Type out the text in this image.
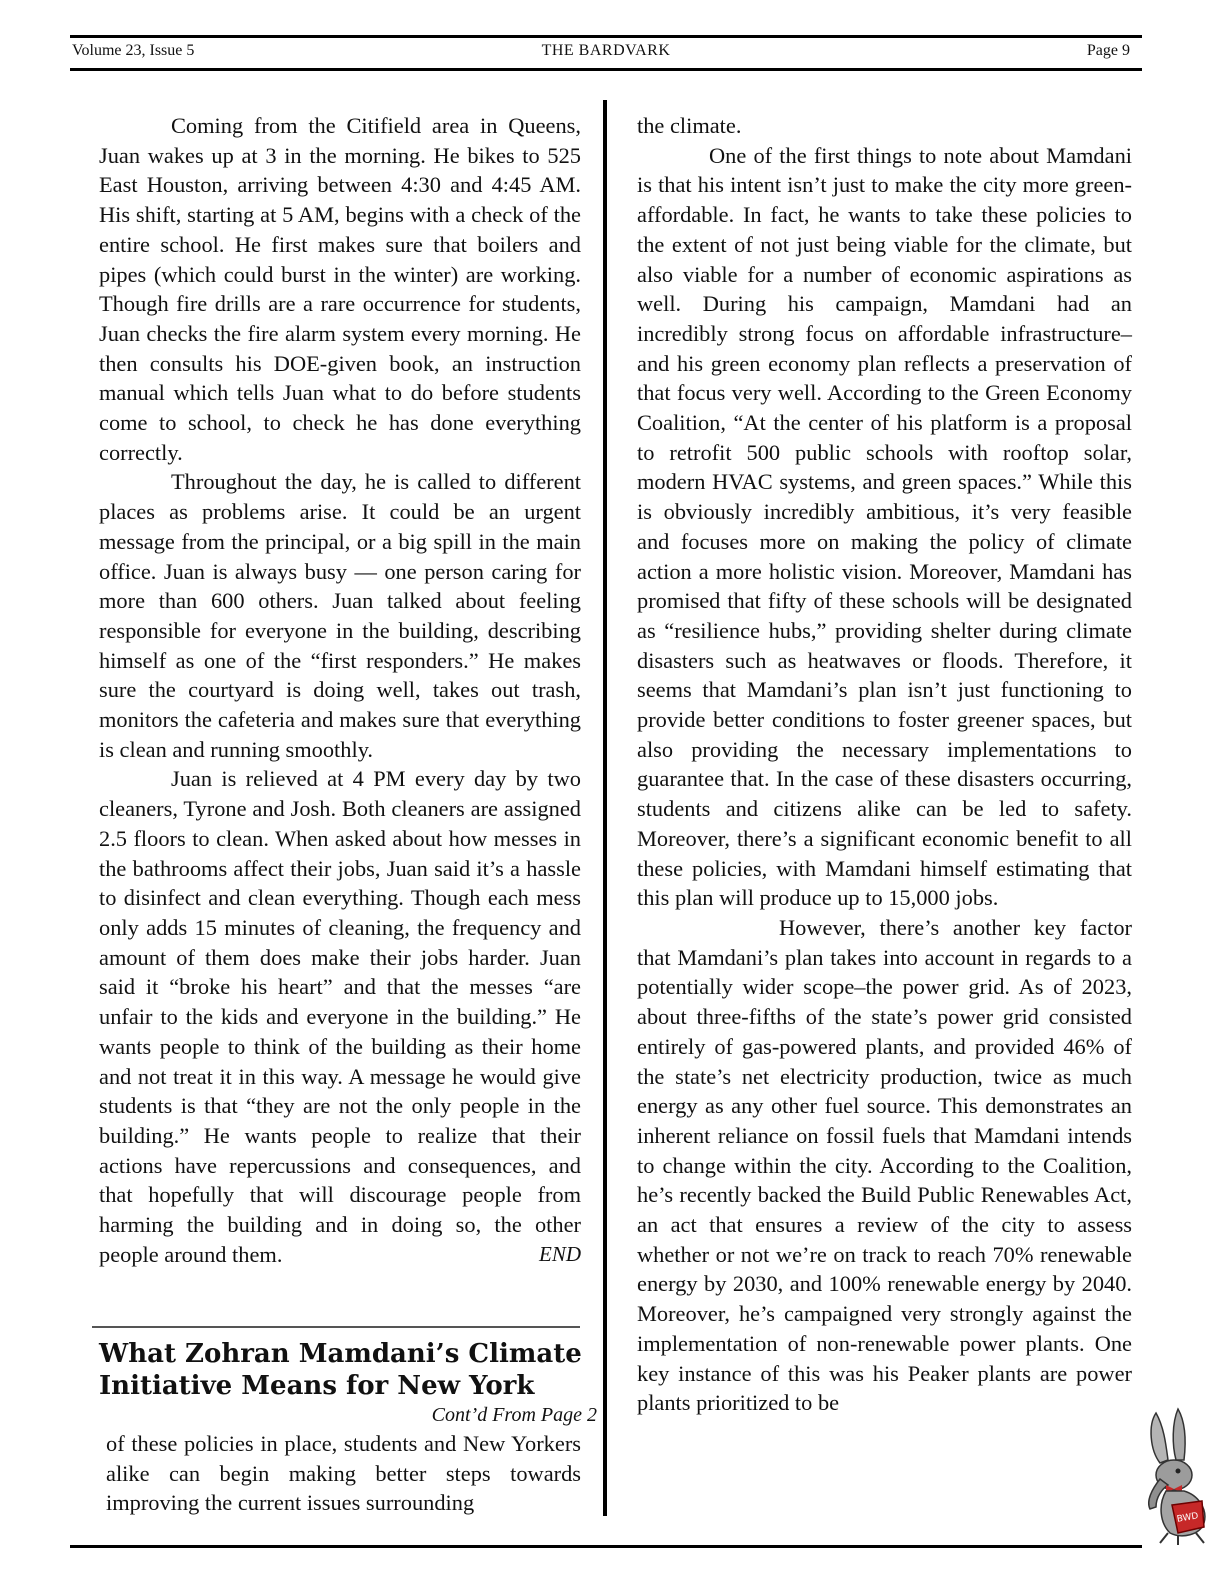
Volume 23, Issue 5	THE BARDVARK	Page 9

Coming from the Citifield area in Queens, Juan wakes up at 3 in the morning. He bikes to 525 East Houston, arriving between 4:30 and 4:45 AM. His shift, starting at 5 AM, begins with a check of the entire school. He first makes sure that boilers and pipes (which could burst in the winter) are working. Though fire drills are a rare occurrence for students, Juan checks the fire alarm system every morning. He then consults his DOE-given book, an instruction manual which tells Juan what to do before students come to school, to check he has done everything correctly.

Throughout the day, he is called to different places as problems arise. It could be an urgent message from the principal, or a big spill in the main office. Juan is always busy — one person caring for more than 600 others. Juan talked about feeling responsible for everyone in the building, describing himself as one of the “first responders.” He makes sure the courtyard is doing well, takes out trash, monitors the cafeteria and makes sure that everything is clean and running smoothly.

Juan is relieved at 4 PM every day by two cleaners, Tyrone and Josh. Both cleaners are assigned 2.5 floors to clean. When asked about how messes in the bathrooms affect their jobs, Juan said it’s a hassle to disinfect and clean everything. Though each mess only adds 15 minutes of cleaning, the frequency and amount of them does make their jobs harder. Juan said it “broke his heart” and that the messes “are unfair to the kids and everyone in the building.” He wants people to think of the building as their home and not treat it in this way. A message he would give students is that “they are not the only people in the building.” He wants people to realize that their actions have repercussions and consequences, and that hopefully that will discourage people from harming the building and in doing so, the other people around them.	END

What Zohran Mamdani’s Climate Initiative Means for New York
Cont’d From Page 2

of these policies in place, students and New Yorkers alike can begin making better steps towards improving the current issues surrounding

the climate.

One of the first things to note about Mamdani is that his intent isn’t just to make the city more green-affordable. In fact, he wants to take these policies to the extent of not just being viable for the climate, but also viable for a number of economic aspirations as well. During his campaign, Mamdani had an incredibly strong focus on affordable infrastructure–and his green economy plan reflects a preservation of that focus very well. According to the Green Economy Coalition, “At the center of his platform is a proposal to retrofit 500 public schools with rooftop solar, modern HVAC systems, and green spaces.” While this is obviously incredibly ambitious, it’s very feasible and focuses more on making the policy of climate action a more holistic vision. Moreover, Mamdani has promised that fifty of these schools will be designated as “resilience hubs,” providing shelter during climate disasters such as heatwaves or floods. Therefore, it seems that Mamdani’s plan isn’t just functioning to provide better conditions to foster greener spaces, but also providing the necessary implementations to guarantee that. In the case of these disasters occurring, students and citizens alike can be led to safety. Moreover, there’s a significant economic benefit to all these policies, with Mamdani himself estimating that this plan will produce up to 15,000 jobs.

However, there’s another key factor that Mamdani’s plan takes into account in regards to a potentially wider scope–the power grid. As of 2023, about three-fifths of the state’s power grid consisted entirely of gas-powered plants, and provided 46% of the state’s net electricity production, twice as much energy as any other fuel source. This demonstrates an inherent reliance on fossil fuels that Mamdani intends to change within the city. According to the Coalition, he’s recently backed the Build Public Renewables Act, an act that ensures a review of the city to assess whether or not we’re on track to reach 70% renewable energy by 2030, and 100% renewable energy by 2040. Moreover, he’s campaigned very strongly against the implementation of non-renewable power plants. One key instance of this was his Peaker plants are power plants prioritized to be

BWD
